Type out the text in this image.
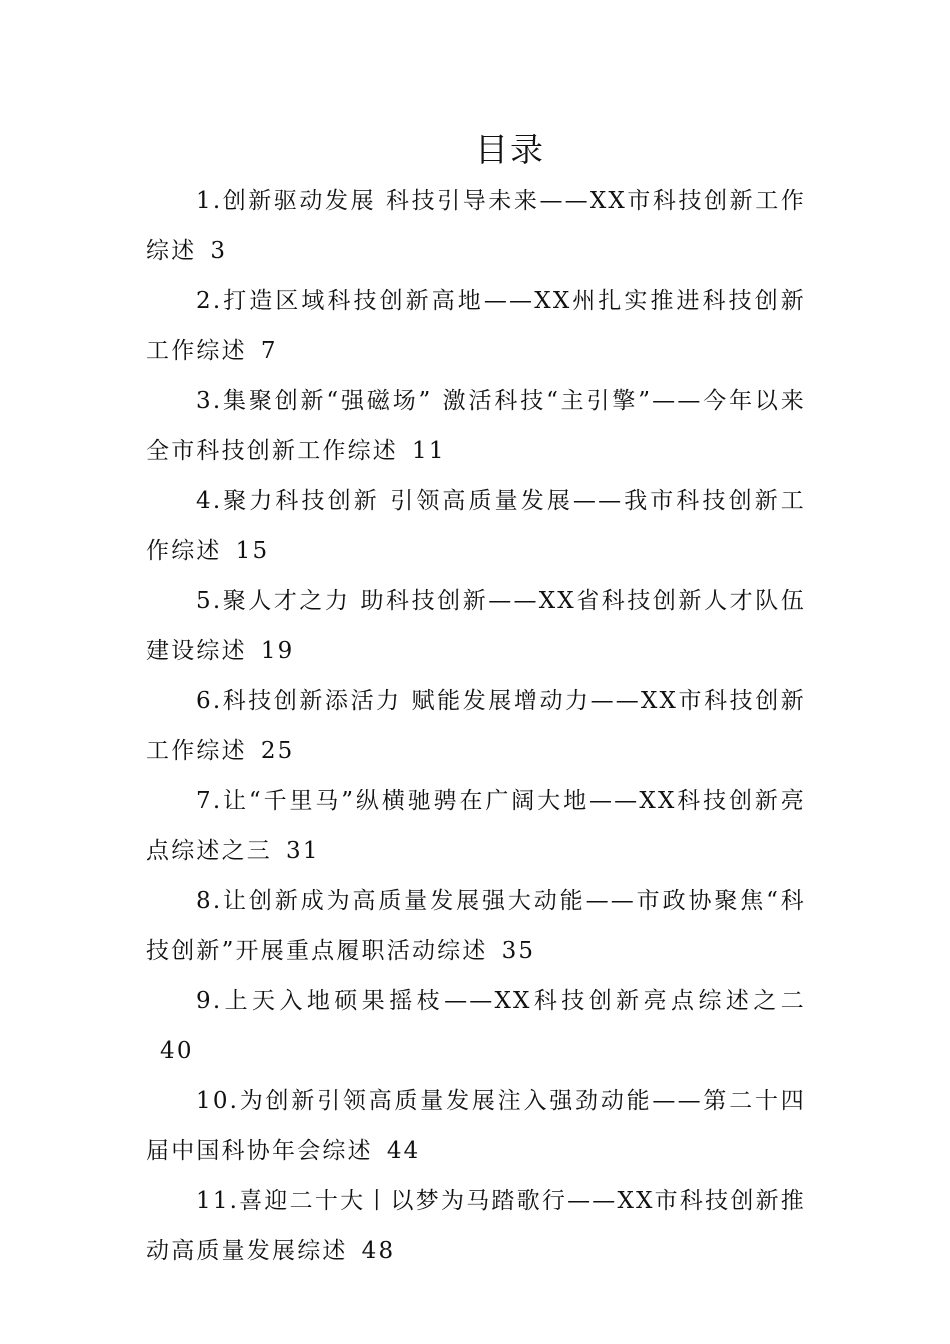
目录

1.创新驱动发展 科技引导未来——XX市科技创新工作综述 3

2.打造区域科技创新高地——XX州扎实推进科技创新工作综述 7

3.集聚创新“强磁场” 激活科技“主引擎”——今年以来全市科技创新工作综述 11

4.聚力科技创新 引领高质量发展——我市科技创新工作综述 15

5.聚人才之力 助科技创新——XX省科技创新人才队伍建设综述 19

6.科技创新添活力 赋能发展增动力——XX市科技创新工作综述 25

7.让“千里马”纵横驰骋在广阔大地——XX科技创新亮点综述之三 31

8.让创新成为高质量发展强大动能——市政协聚焦“科技创新”开展重点履职活动综述 35

9.上天入地硕果摇枝——XX科技创新亮点综述之二40

10.为创新引领高质量发展注入强劲动能——第二十四届中国科协年会综述 44

11.喜迎二十大丨以梦为马踏歌行——XX市科技创新推动高质量发展综述 48
